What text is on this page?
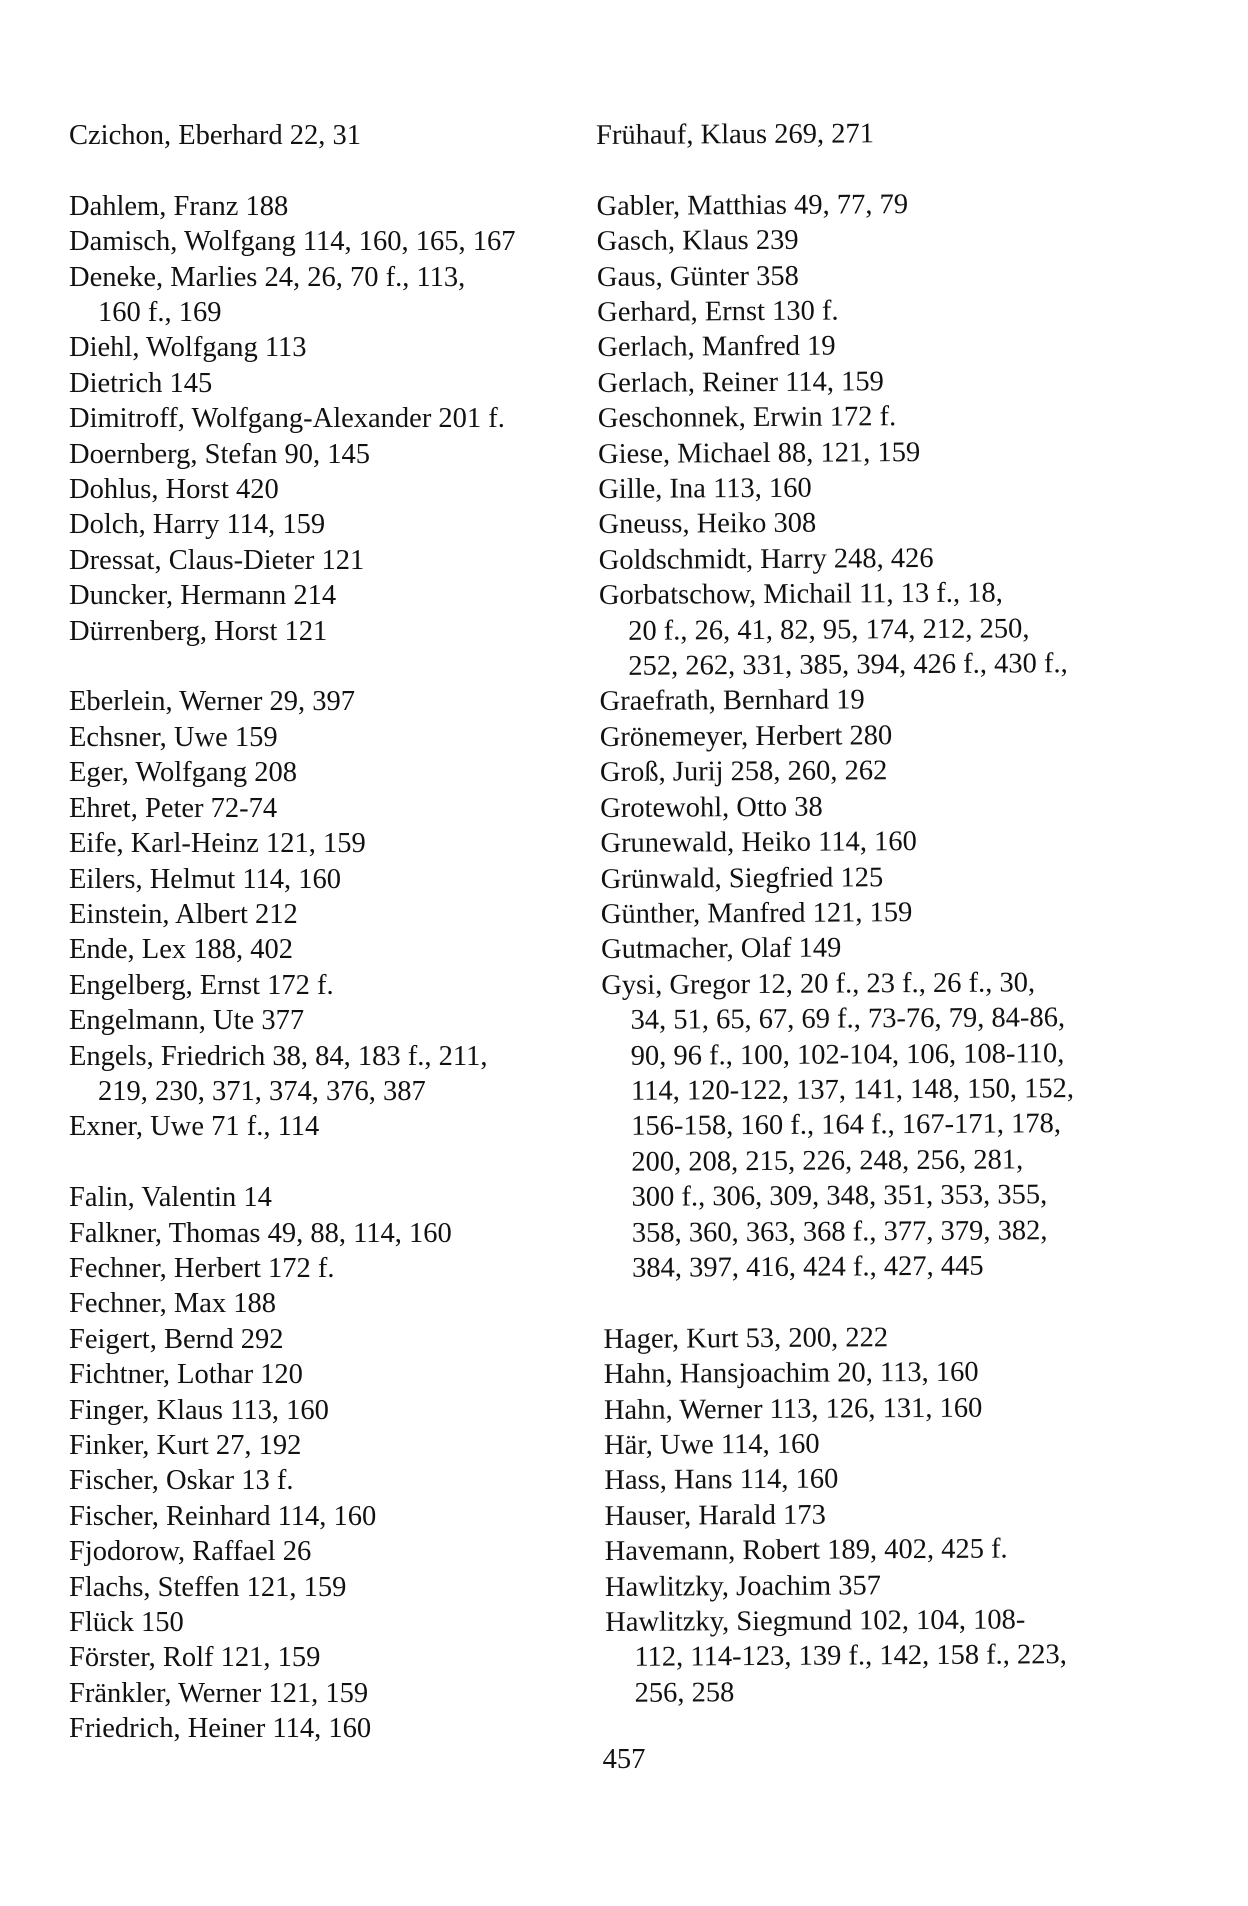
Czichon, Eberhard 22, 31
Dahlem, Franz 188
Damisch, Wolfgang 114, 160, 165, 167
Deneke, Marlies 24, 26, 70 f., 113,
160 f., 169
Diehl, Wolfgang 113
Dietrich 145
Dimitroff, Wolfgang-Alexander 201 f.
Doernberg, Stefan 90, 145
Dohlus, Horst 420
Dolch, Harry 114, 159
Dressat, Claus-Dieter 121
Duncker, Hermann 214
Dürrenberg, Horst 121
Eberlein, Werner 29, 397
Echsner, Uwe 159
Eger, Wolfgang 208
Ehret, Peter 72-74
Eife, Karl-Heinz 121, 159
Eilers, Helmut 114, 160
Einstein, Albert 212
Ende, Lex 188, 402
Engelberg, Ernst 172 f.
Engelmann, Ute 377
Engels, Friedrich 38, 84, 183 f., 211,
219, 230, 371, 374, 376, 387
Exner, Uwe 71 f., 114
Falin, Valentin 14
Falkner, Thomas 49, 88, 114, 160
Fechner, Herbert 172 f.
Fechner, Max 188
Feigert, Bernd 292
Fichtner, Lothar 120
Finger, Klaus 113, 160
Finker, Kurt 27, 192
Fischer, Oskar 13 f.
Fischer, Reinhard 114, 160
Fjodorow, Raffael 26
Flachs, Steffen 121, 159
Flück 150
Förster, Rolf 121, 159
Fränkler, Werner 121, 159
Friedrich, Heiner 114, 160
Frühauf, Klaus 269, 271
Gabler, Matthias 49, 77, 79
Gasch, Klaus 239
Gaus, Günter 358
Gerhard, Ernst 130 f.
Gerlach, Manfred 19
Gerlach, Reiner 114, 159
Geschonnek, Erwin 172 f.
Giese, Michael 88, 121, 159
Gille, Ina 113, 160
Gneuss, Heiko 308
Goldschmidt, Harry 248, 426
Gorbatschow, Michail 11, 13 f., 18,
20 f., 26, 41, 82, 95, 174, 212, 250,
252, 262, 331, 385, 394, 426 f., 430 f.,
Graefrath, Bernhard 19
Grönemeyer, Herbert 280
Groß, Jurij 258, 260, 262
Grotewohl, Otto 38
Grunewald, Heiko 114, 160
Grünwald, Siegfried 125
Günther, Manfred 121, 159
Gutmacher, Olaf 149
Gysi, Gregor 12, 20 f., 23 f., 26 f., 30,
34, 51, 65, 67, 69 f., 73-76, 79, 84-86,
90, 96 f., 100, 102-104, 106, 108-110,
114, 120-122, 137, 141, 148, 150, 152,
156-158, 160 f., 164 f., 167-171, 178,
200, 208, 215, 226, 248, 256, 281,
300 f., 306, 309, 348, 351, 353, 355,
358, 360, 363, 368 f., 377, 379, 382,
384, 397, 416, 424 f., 427, 445
Hager, Kurt 53, 200, 222
Hahn, Hansjoachim 20, 113, 160
Hahn, Werner 113, 126, 131, 160
Här, Uwe 114, 160
Hass, Hans 114, 160
Hauser, Harald 173
Havemann, Robert 189, 402, 425 f.
Hawlitzky, Joachim 357
Hawlitzky, Siegmund 102, 104, 108-
112, 114-123, 139 f., 142, 158 f., 223,
256, 258
457
